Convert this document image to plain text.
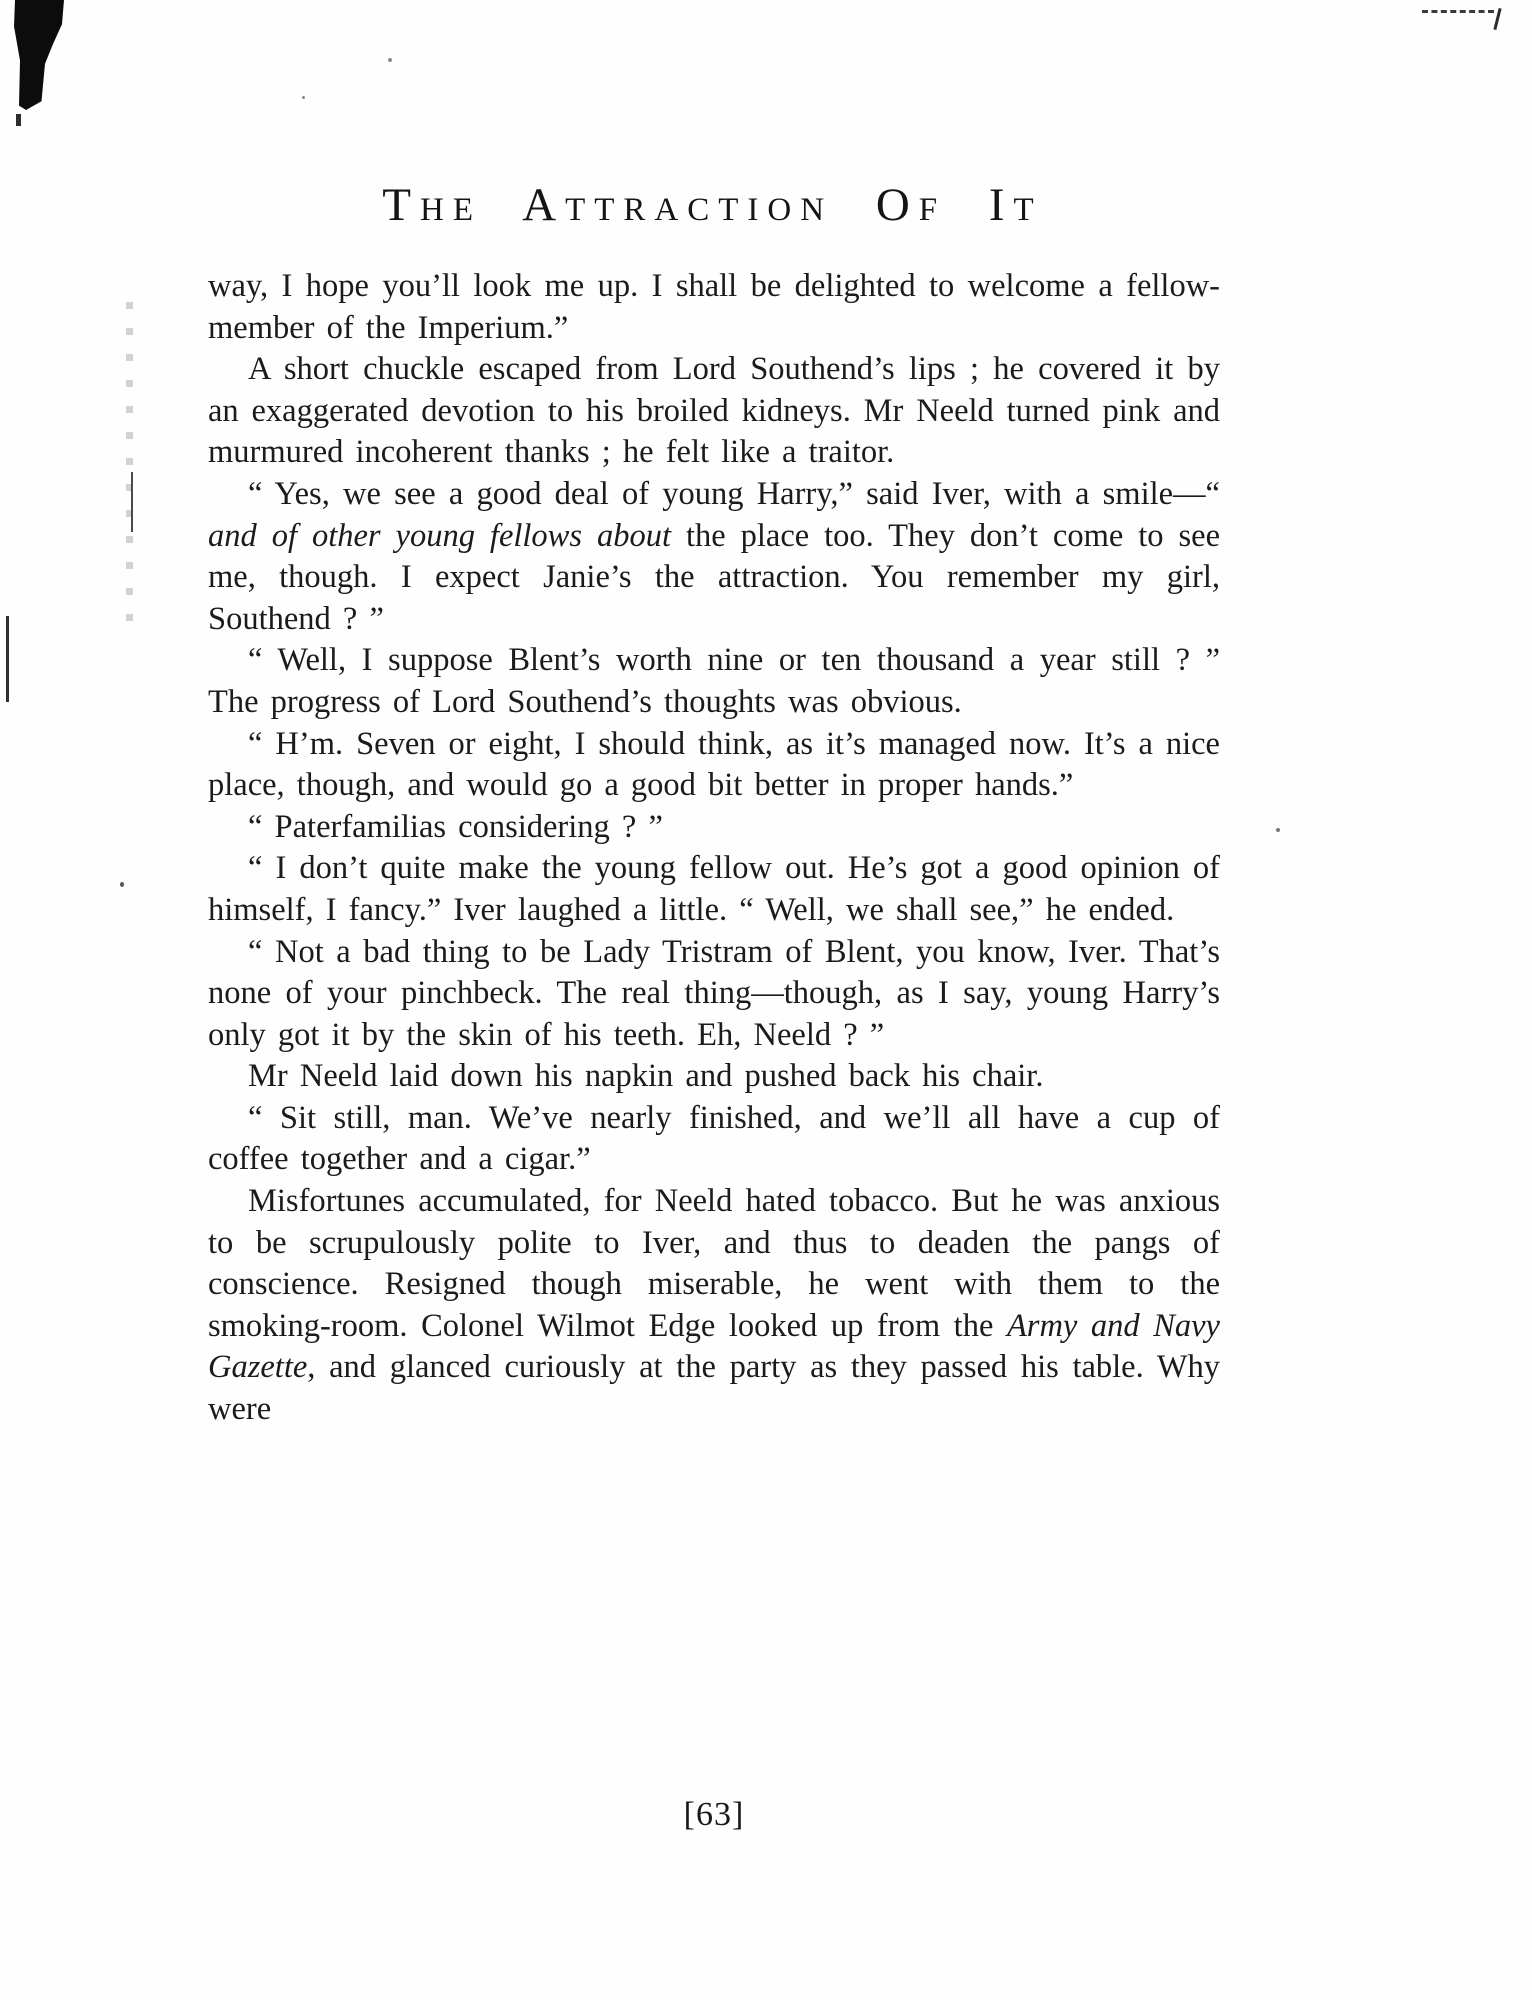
The Attraction Of It

way, I hope you’ll look me up. I shall be delighted to welcome a fellow-member of the Imperium.”

A short chuckle escaped from Lord Southend’s lips ; he covered it by an exaggerated devotion to his broiled kidneys. Mr Neeld turned pink and murmured incoherent thanks ; he felt like a traitor.

“ Yes, we see a good deal of young Harry,” said Iver, with a smile—“ and of other young fellows about the place too. They don’t come to see me, though. I expect Janie’s the attraction. You remember my girl, Southend ? ”

“ Well, I suppose Blent’s worth nine or ten thousand a year still ? ” The progress of Lord Southend’s thoughts was obvious.

“ H’m. Seven or eight, I should think, as it’s managed now. It’s a nice place, though, and would go a good bit better in proper hands.”

“ Paterfamilias considering ? ”

“ I don’t quite make the young fellow out. He’s got a good opinion of himself, I fancy.” Iver laughed a little. “ Well, we shall see,” he ended.

“ Not a bad thing to be Lady Tristram of Blent, you know, Iver. That’s none of your pinchbeck. The real thing—though, as I say, young Harry’s only got it by the skin of his teeth. Eh, Neeld ? ”

Mr Neeld laid down his napkin and pushed back his chair.

“ Sit still, man. We’ve nearly finished, and we’ll all have a cup of coffee together and a cigar.”

Misfortunes accumulated, for Neeld hated tobacco. But he was anxious to be scrupulously polite to Iver, and thus to deaden the pangs of conscience. Resigned though miserable, he went with them to the smoking-room. Colonel Wilmot Edge looked up from the Army and Navy Gazette, and glanced curiously at the party as they passed his table. Why were

[63]
